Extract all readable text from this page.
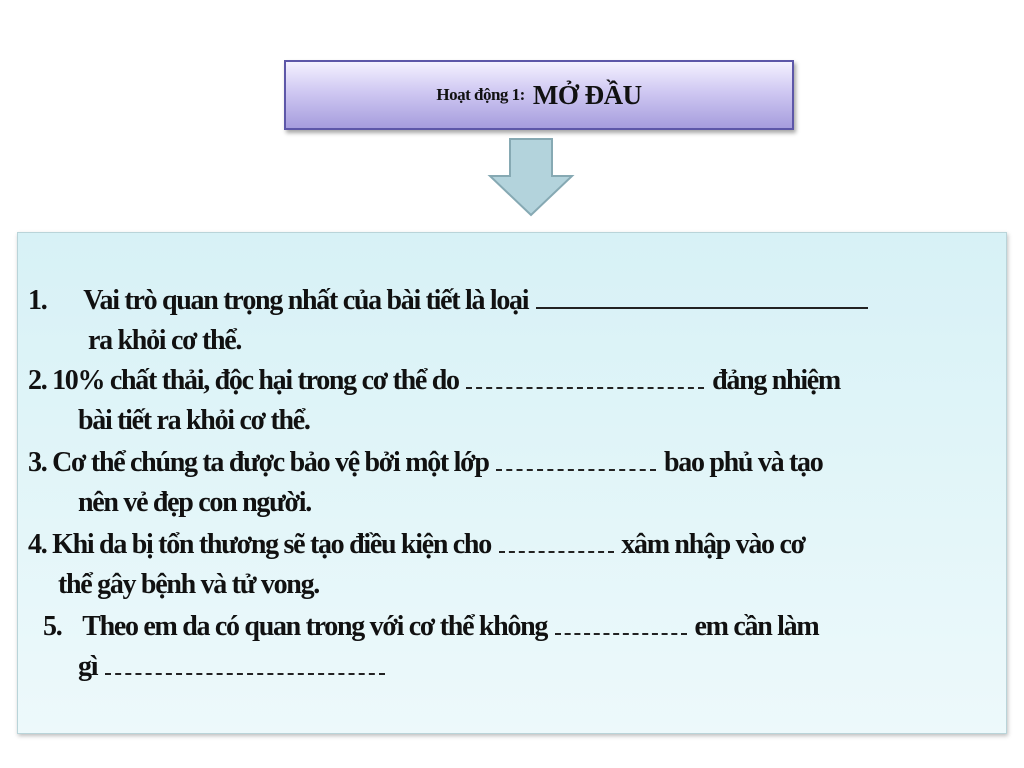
Hoạt động 1: MỞ ĐẦU
1. Vai trò quan trọng nhất của bài tiết là loại
ra khỏi cơ thể.
2. 10% chất thải, độc hại trong cơ thể do	đảng nhiệm
bài tiết ra khỏi cơ thể.
3. Cơ thể chúng ta được bảo vệ bởi một lớp	bao phủ và tạo
nên vẻ đẹp con người.
4. Khi da bị tổn thương sẽ tạo điều kiện cho	xâm nhập vào cơ
thể gây bệnh và tử vong.
5. Theo em da có quan trong với cơ thể không	em cần làm
gì
